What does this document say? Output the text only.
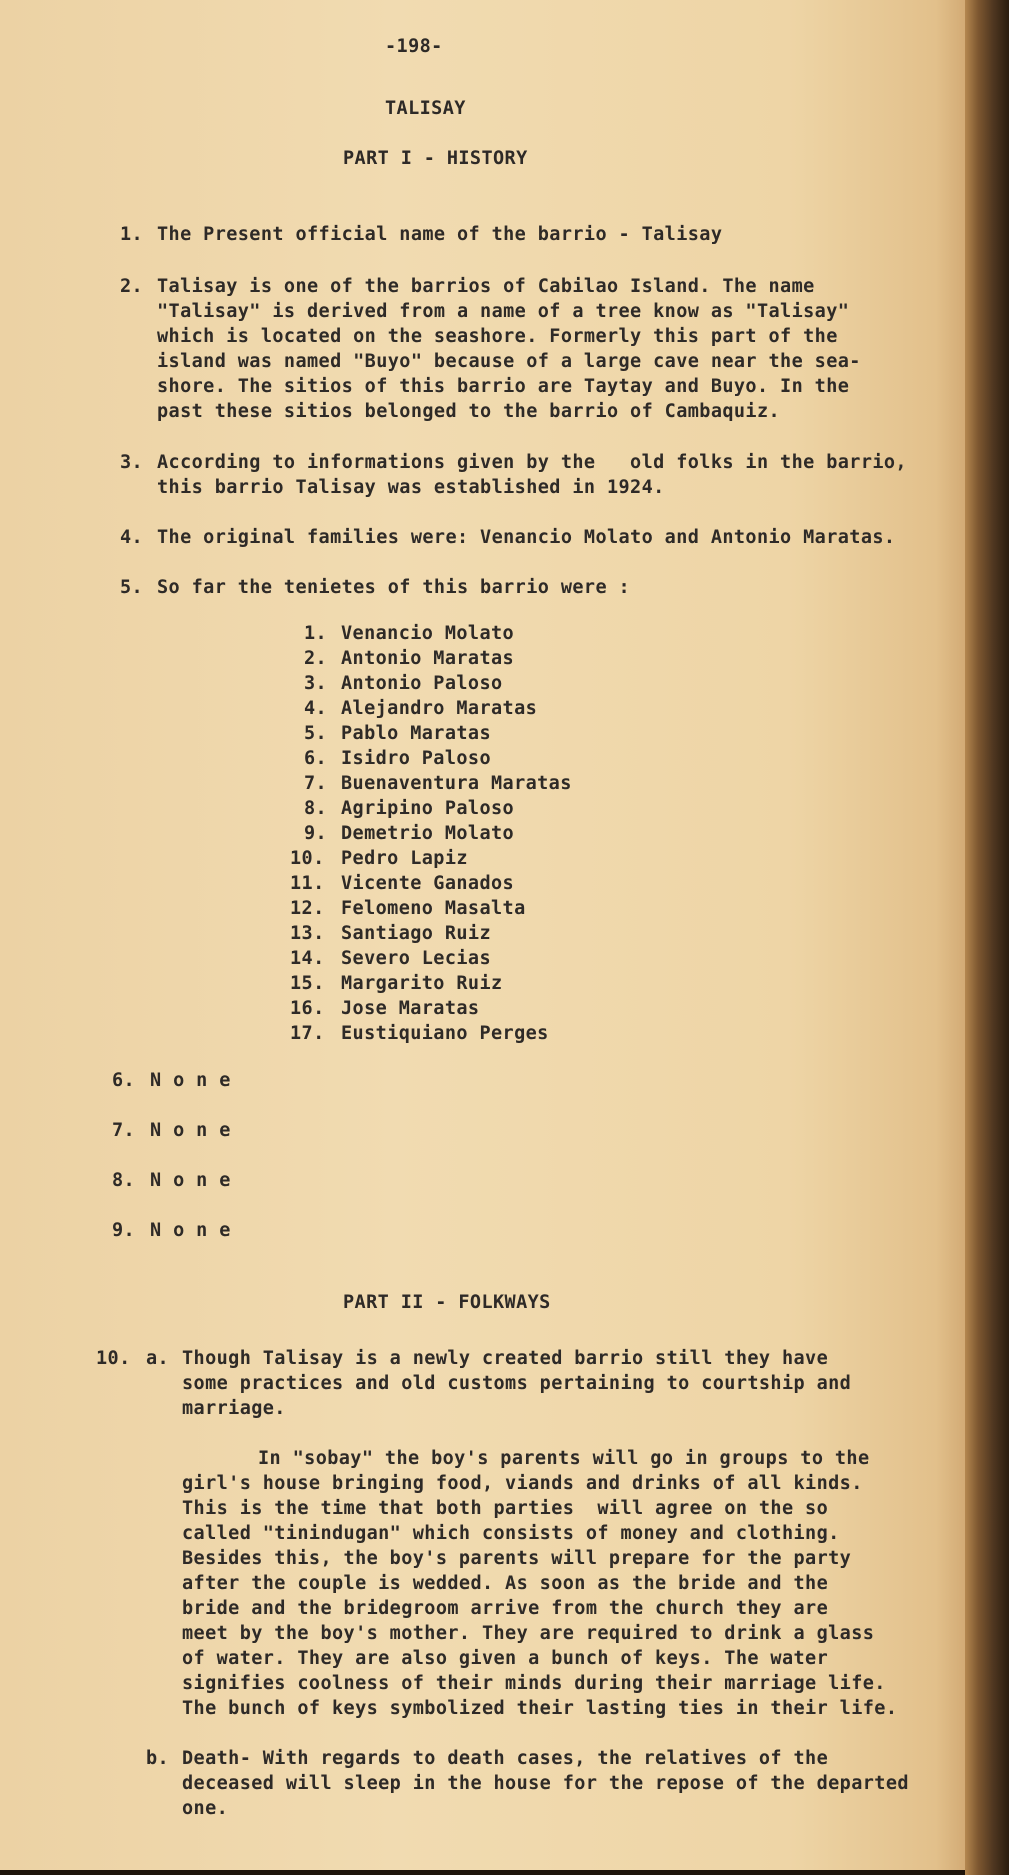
-198-
TALISAY
PART I - HISTORY
1. The Present official name of the barrio - Talisay
2. Talisay is one of the barrios of Cabilao Island. The name
"Talisay" is derived from a name of a tree know as "Talisay"
which is located on the seashore. Formerly this part of the
island was named "Buyo" because of a large cave near the sea-
shore. The sitios of this barrio are Taytay and Buyo. In the
past these sitios belonged to the barrio of Cambaquiz.
3. According to informations given by the   old folks in the barrio,
this barrio Talisay was established in 1924.
4. The original families were: Venancio Molato and Antonio Maratas.
5. So far the tenietes of this barrio were :
1. Venancio Molato
2. Antonio Maratas
3. Antonio Paloso
4. Alejandro Maratas
5. Pablo Maratas
6. Isidro Paloso
7. Buenaventura Maratas
8. Agripino Paloso
9. Demetrio Molato
10. Pedro Lapiz
11. Vicente Ganados
12. Felomeno Masalta
13. Santiago Ruiz
14. Severo Lecias
15. Margarito Ruiz
16. Jose Maratas
17. Eustiquiano Perges
6. N o n e
7. N o n e
8. N o n e
9. N o n e
PART II - FOLKWAYS
10. a. Though Talisay is a newly created barrio still they have
some practices and old customs pertaining to courtship and
marriage.
In "sobay" the boy's parents will go in groups to the
girl's house bringing food, viands and drinks of all kinds.
This is the time that both parties  will agree on the so
called "tinindugan" which consists of money and clothing.
Besides this, the boy's parents will prepare for the party
after the couple is wedded. As soon as the bride and the
bride and the bridegroom arrive from the church they are
meet by the boy's mother. They are required to drink a glass
of water. They are also given a bunch of keys. The water
signifies coolness of their minds during their marriage life.
The bunch of keys symbolized their lasting ties in their life.
b. Death- With regards to death cases, the relatives of the
deceased will sleep in the house for the repose of the departed
one.
